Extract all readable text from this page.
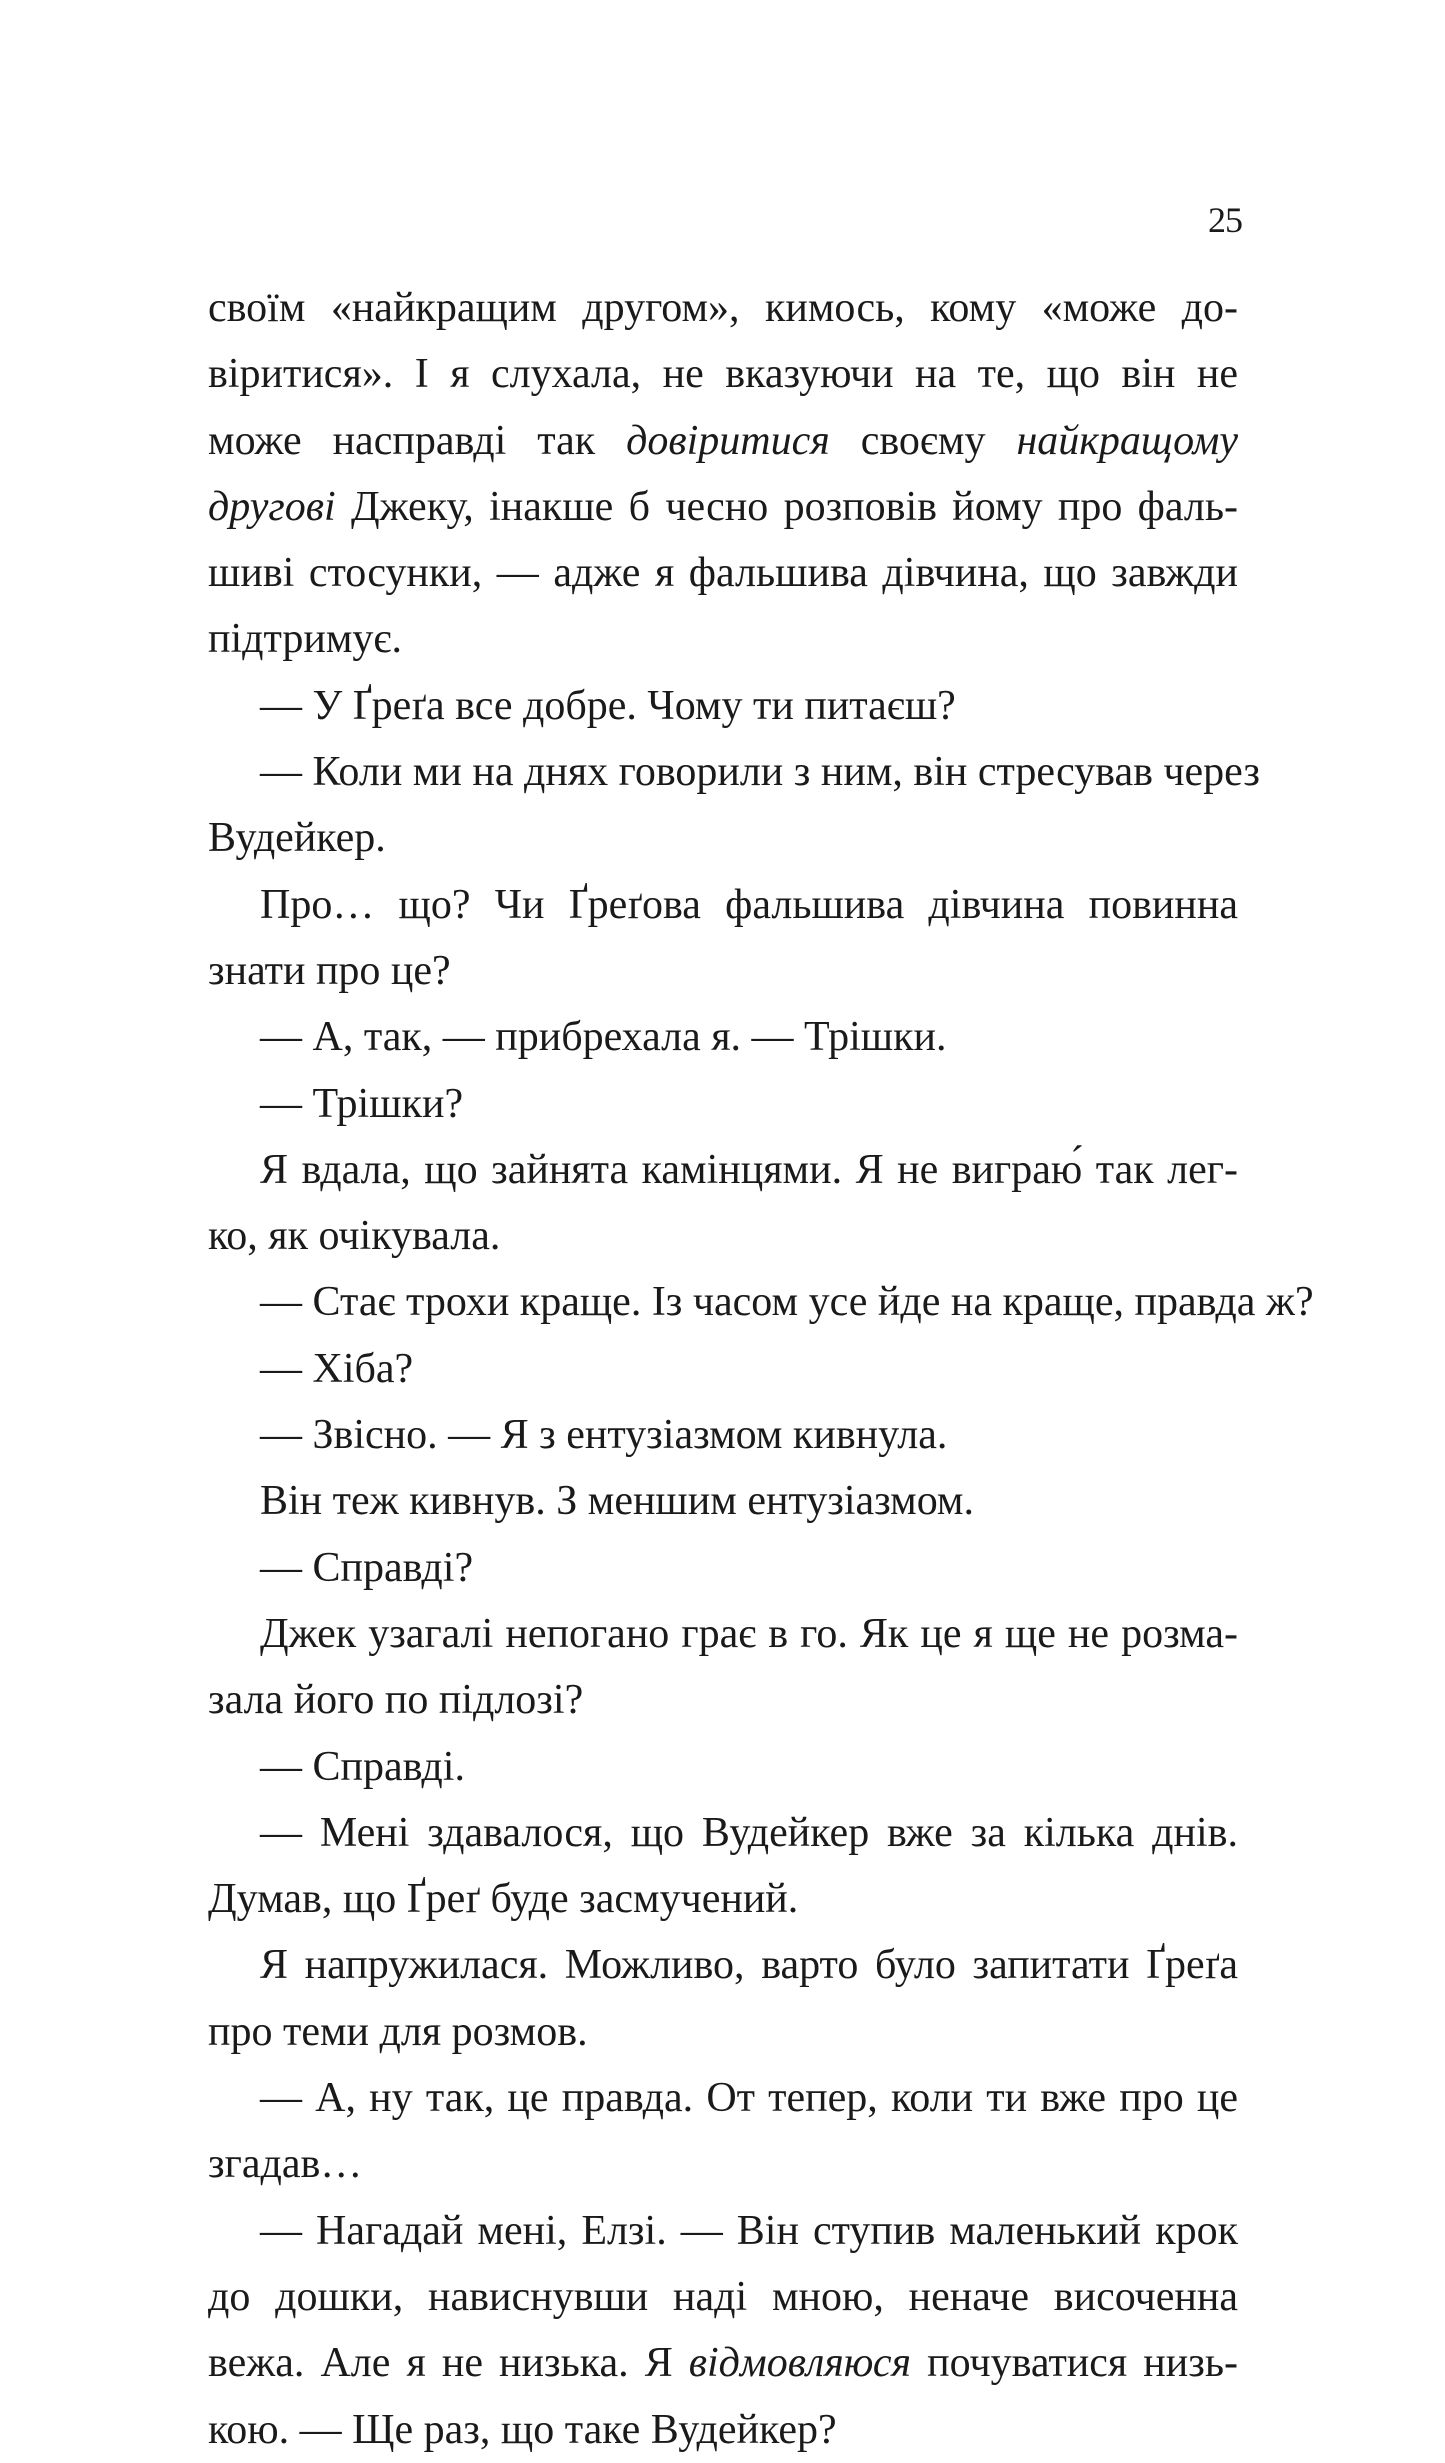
25
своїм «найкращим другом», кимось, кому «може до-
віритися». І я слухала, не вказуючи на те, що він не
може насправді так довіритися своєму найкращому
другові Джеку, інакше б чесно розповів йому про фаль-
шиві стосунки, — адже я фальшива дівчина, що завжди
підтримує.
— У Ґреґа все добре. Чому ти питаєш?
— Коли ми на днях говорили з ним, він стресував через
Вудейкер.
Про… що? Чи Ґреґова фальшива дівчина повинна
знати про це?
— А, так, — прибрехала я. — Трішки.
— Трішки?
Я вдала, що зайнята камінцями. Я не виграю́ так лег-
ко, як очікувала.
— Стає трохи краще. Із часом усе йде на краще, правда ж?
— Хіба?
— Звісно. — Я з ентузіазмом кивнула.
Він теж кивнув. З меншим ентузіазмом.
— Справді?
Джек узагалі непогано грає в го. Як це я ще не розма-
зала його по підлозі?
— Справді.
— Мені здавалося, що Вудейкер вже за кілька днів.
Думав, що Ґреґ буде засмучений.
Я напружилася. Можливо, варто було запитати Ґреґа
про теми для розмов.
— А, ну так, це правда. От тепер, коли ти вже про це
згадав…
— Нагадай мені, Елзі. — Він ступив маленький крок
до дошки, нависнувши наді мною, неначе височенна
вежа. Але я не низька. Я відмовляюся почуватися низь-
кою. — Ще раз, що таке Вудейкер?
